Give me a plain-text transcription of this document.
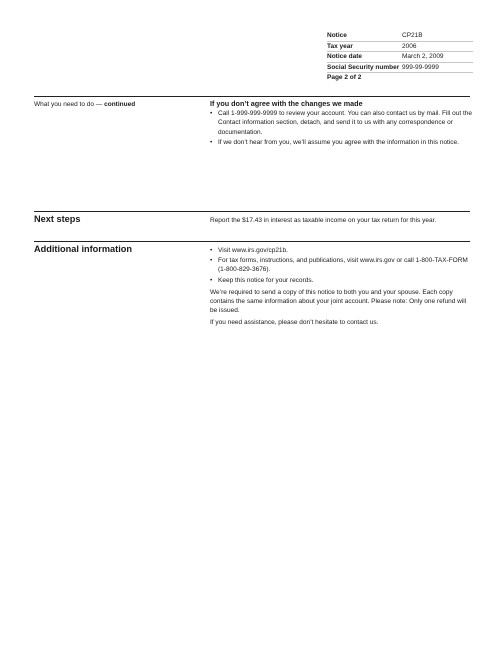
Notice	CP21B
Tax year	2006
Notice date	March 2, 2009
Social Security number 999-99-9999
Page 2 of 2
What you need to do — continued	If you don’t agree with the changes we made
• Call 1-999-999-9999 to review your account. You can also contact us by mail. Fill out the Contact information section, detach, and send it to us with any correspondence or documentation.
• If we don’t hear from you, we’ll assume you agree with the information in this notice.
Next steps	Report the $17.43 in interest as taxable income on your tax return for this year.
Additional information	• Visit www.irs.gov/cp21b.
• For tax forms, instructions, and publications, visit www.irs.gov or call 1-800-TAX-FORM (1-800-829-3676).
• Keep this notice for your records.

We’re required to send a copy of this notice to both you and your spouse. Each copy contains the same information about your joint account. Please note: Only one refund will be issued.

If you need assistance, please don’t hesitate to contact us.
